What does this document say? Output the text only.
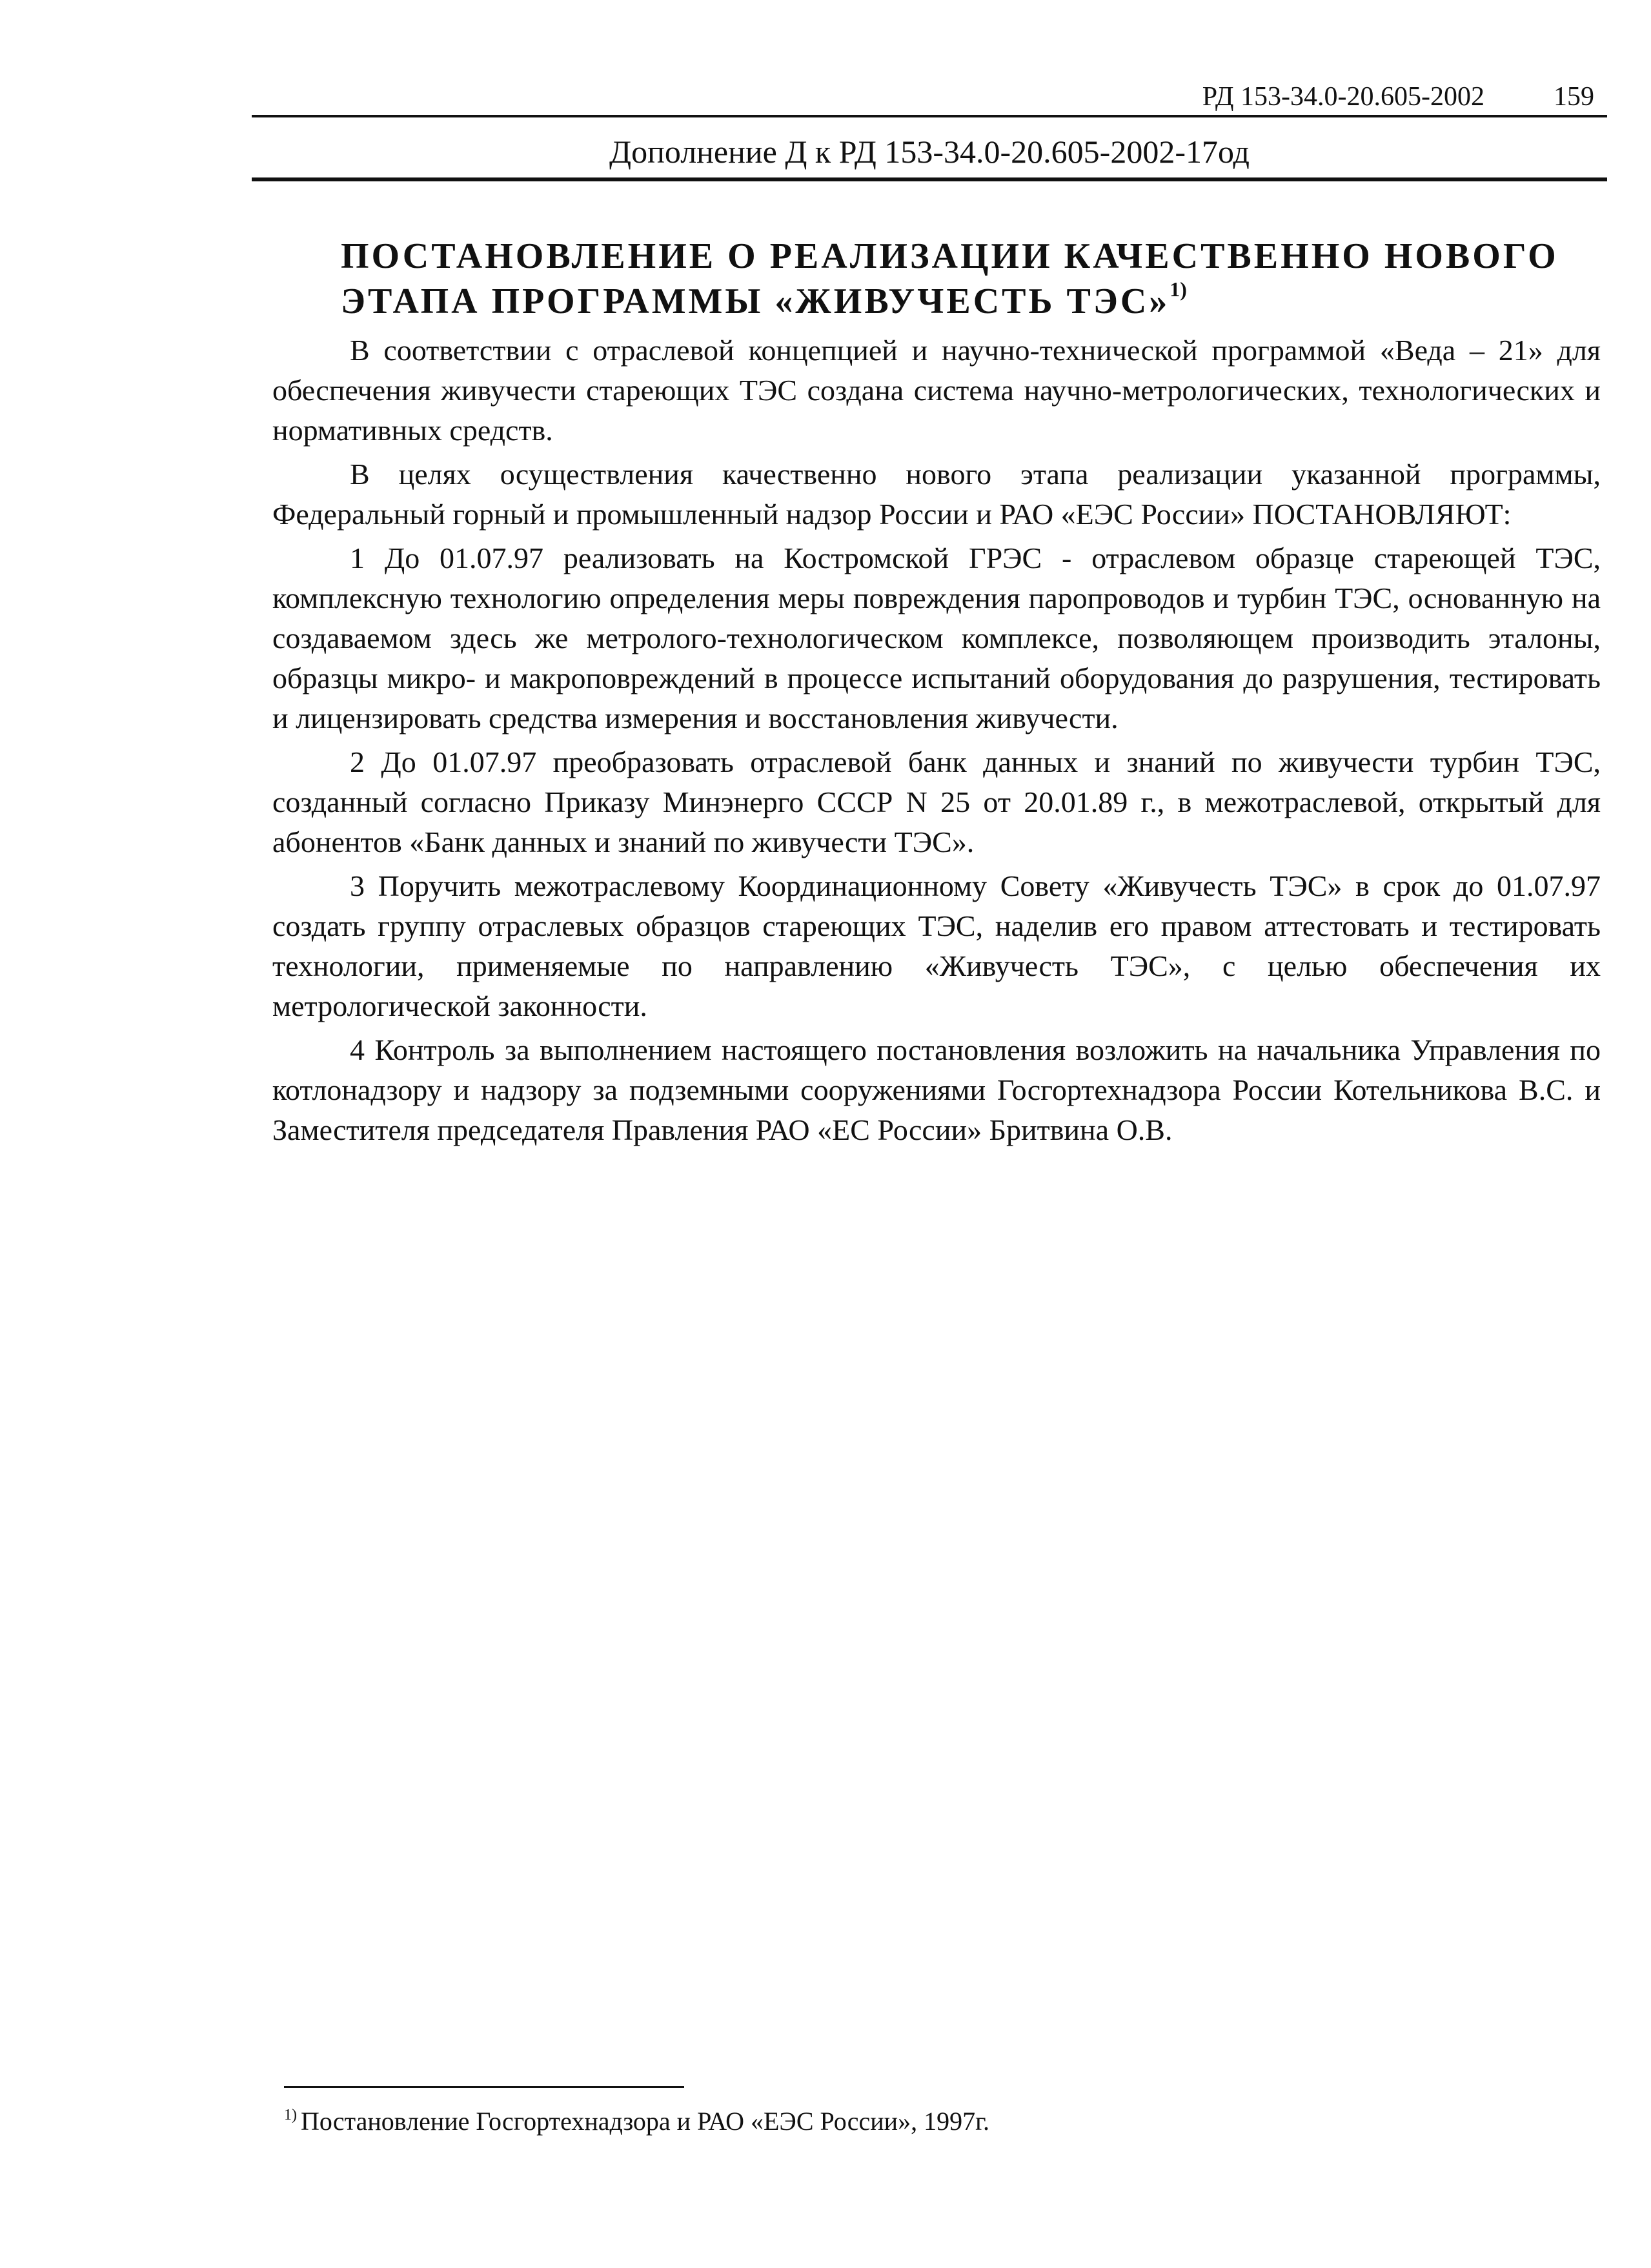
РД 153-34.0-20.605-2002	159
Дополнение Д к РД 153-34.0-20.605-2002-17од
ПОСТАНОВЛЕНИЕ О РЕАЛИЗАЦИИ КАЧЕСТВЕННО НОВОГО ЭТАПА ПРОГРАММЫ «ЖИВУЧЕСТЬ ТЭС»$^{1)}$

В соответствии с отраслевой концепцией и научно-технической программой «Веда – 21» для обеспечения живучести стареющих ТЭС создана система научно-метрологических, технологических и нормативных средств.

В целях осуществления качественно нового этапа реализации указанной программы, Федеральный горный и промышленный надзор России и РАО «ЕЭС России» ПОСТАНОВЛЯЮТ:

1 До 01.07.97 реализовать на Костромской ГРЭС - отраслевом образце стареющей ТЭС, комплексную технологию определения меры повреждения паропроводов и турбин ТЭС, основанную на создаваемом здесь же метролого-технологическом комплексе, позволяющем производить эталоны, образцы микро- и макроповреждений в процессе испытаний оборудования до разрушения, тестировать и лицензировать средства измерения и восстановления живучести.

2 До 01.07.97 преобразовать отраслевой банк данных и знаний по живучести турбин ТЭС, созданный согласно Приказу Минэнерго СССР N 25 от 20.01.89 г., в межотраслевой, открытый для абонентов «Банк данных и знаний по живучести ТЭС».

3 Поручить межотраслевому Координационному Совету «Живучесть ТЭС» в срок до 01.07.97 создать группу отраслевых образцов стареющих ТЭС, наделив его правом аттестовать и тестировать технологии, применяемые по направлению «Живучесть ТЭС», с целью обеспечения их метрологической законности.

4 Контроль за выполнением настоящего постановления возложить на начальника Управления по котлонадзору и надзору за подземными сооружениями Госгортехнадзора России Котельникова В.С. и Заместителя председателя Правления РАО «ЕС России» Бритвина О.В.

$^{1)}$ Постановление Госгортехнадзора и РАО «ЕЭС России», 1997г.
